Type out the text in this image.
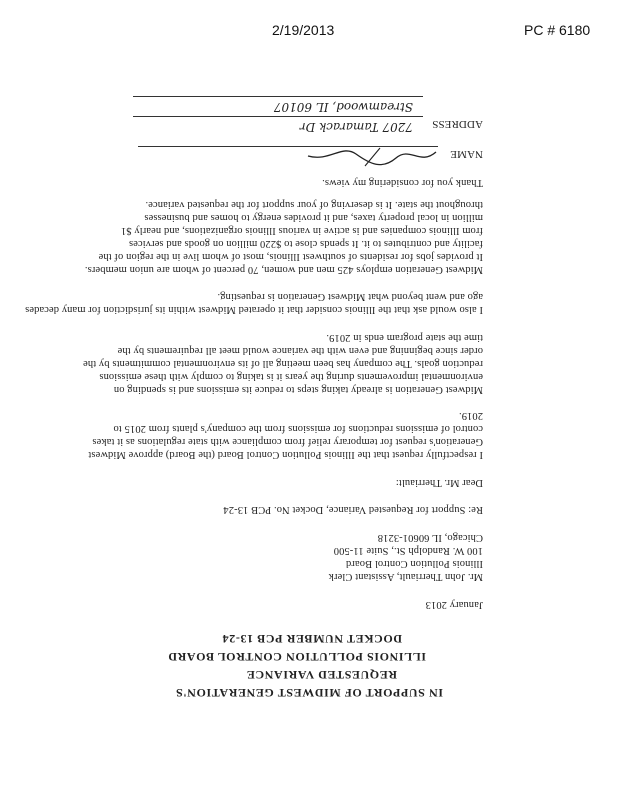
2/19/2013	PC # 6180
IN SUPPORT OF MIDWEST GENERATION'S
REQUESTED VARIANCE
ILLINOIS POLLUTION CONTROL BOARD
DOCKET NUMBER PCB 13-24
January 2013
Mr. John Therriault, Assistant Clerk
Illinois Pollution Control Board
100 W. Randolph St., Suite 11-500
Chicago, IL 60601-3218
Re: Support for Requested Variance, Docket No. PCB 13-24
Dear Mr. Therriault:
I respectfully request that the Illinois Pollution Control Board (the Board) approve Midwest
Generation's request for temporary relief from compliance with state regulations as it takes
control of emissions reductions for emissions from the company's plants from 2015 to
2019.
Midwest Generation is already taking steps to reduce its emissions and is spending on
environmental improvements during the years it is taking to comply with these emissions
reduction goals. The company has been meeting all of its environmental commitments by the
order since beginning and even with the variance would meet all requirements by the
time the state program ends in 2019.
I also would ask that the Illinois consider that it operated Midwest within its jurisdiction for many decades
ago and went beyond what Midwest Generation is requesting.
Midwest Generation employs 425 men and women, 70 percent of whom are union members.
It provides jobs for residents of southwest Illinois, most of whom live in the region of the
facility and contributes to it. It spends close to $220 million on goods and services
from Illinois companies and is active in various Illinois organizations, and nearly $1
million in local property taxes, and it provides energy to homes and businesses
throughout the state. It is deserving of your support for the requested variance.
Thank you for considering my views.
NAME
ADDRESS
7207 Tamarack Dr
Streamwood, IL 60107
